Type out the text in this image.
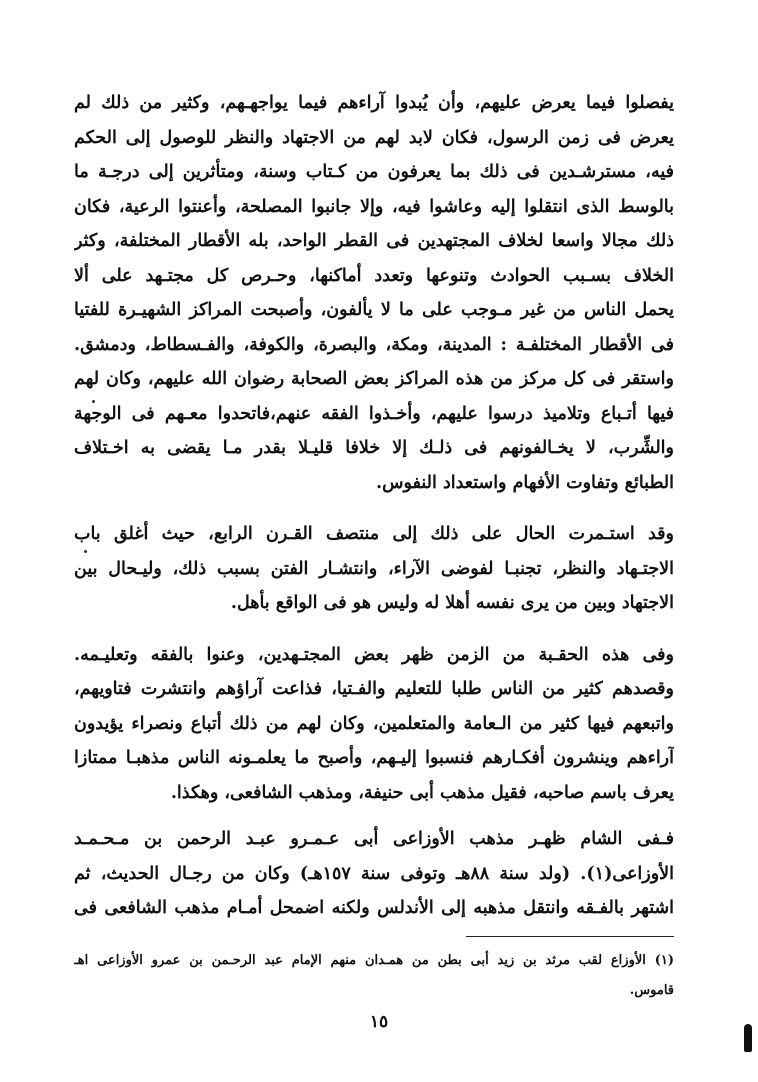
يفصلوا فيما يعرض عليهم، وأن يُبدوا آراءهم فيما يواجهـهم، وكثير من ذلك لم
يعرض فى زمن الرسول، فكان لابد لهم من الاجتهاد والنظر للوصول إلى الحكم
فيه، مسترشـدين فى ذلك بما يعرفون من كـتاب وسنة، ومتأثرين إلى درجـة ما
بالوسط الذى انتقلوا إليه وعاشوا فيه، وإلا جانبوا المصلحة، وأعنتوا الرعية، فكان
ذلك مجالا واسعا لخلاف المجتهدين فى القطر الواحد، بله الأقطار المختلفة، وكثر
الخلاف بسـبب الحوادث وتنوعها وتعدد أماكنها، وحـرص كل مجتـهد على ألا
يحمل الناس من غير مـوجب على ما لا يألفون، وأصبحت المراكز الشهيـرة للفتيا
فى الأقطار المختلفـة : المدينة، ومكة، والبصرة، والكوفة، والفـسطاط، ودمشق.
واستقر فى كل مركز من هذه المراكز بعض الصحابة رضوان الله عليهم، وكان لهم
فيها أتـباع وتلاميذ درسوا عليهم، وأخـذوا الفقه عنهم،فاتحدوا معـهم فى الوجهة
والشِّرب، لا يخـالفونهم فى ذلـك إلا خلافا قليـلا بقدر مـا يقضى به اخـتلاف
الطبائع وتفاوت الأفهام واستعداد النفوس.
وقد استـمرت الحال على ذلك إلى منتصف القـرن الرابع، حيث أغلق باب
الاجتـهاد والنظر، تجنبـا لفوضى الآراء، وانتشـار الفتن بسبب ذلك، وليـحال بين
الاجتهاد وبين من يرى نفسه أهلا له وليس هو فى الواقع بأهل.
وفى هذه الحقـبة من الزمن ظهر بعض المجتـهدين، وعنوا بالفقه وتعليـمه.
وقصدهم كثير من الناس طلبا للتعليم والفـتيا، فذاعت آراؤهم وانتشرت فتاويهم،
واتبعهم فيها كثير من الـعامة والمتعلمين، وكان لهم من ذلك أتباع ونصراء يؤيدون
آراءهم وينشرون أفكـارهم فنسبوا إليـهم، وأصبح ما يعلمـونه الناس مذهبـا ممتازا
يعرف باسم صاحبه، فقيل مذهب أبى حنيفة، ومذهب الشافعى، وهكذا.
فـفى الشام ظهـر مذهب الأوزاعى أبى عـمـرو عبـد الرحمن بن مـحـمـد
الأوزاعى(١). (ولد سنة ٨٨هـ وتوفى سنة ١٥٧هـ) وكان من رجـال الحديث، ثم
اشتهر بالفـقه وانتقل مذهبه إلى الأندلس ولكنه اضمحل أمـام مذهب الشافعى فى
(١) الأوزاع لقب مرثد بن زيد أبى بطن من همـدان منهم الإمام عبد الرحـمن بن عمرو الأوزاعى اهـ
قاموس.
١٥
